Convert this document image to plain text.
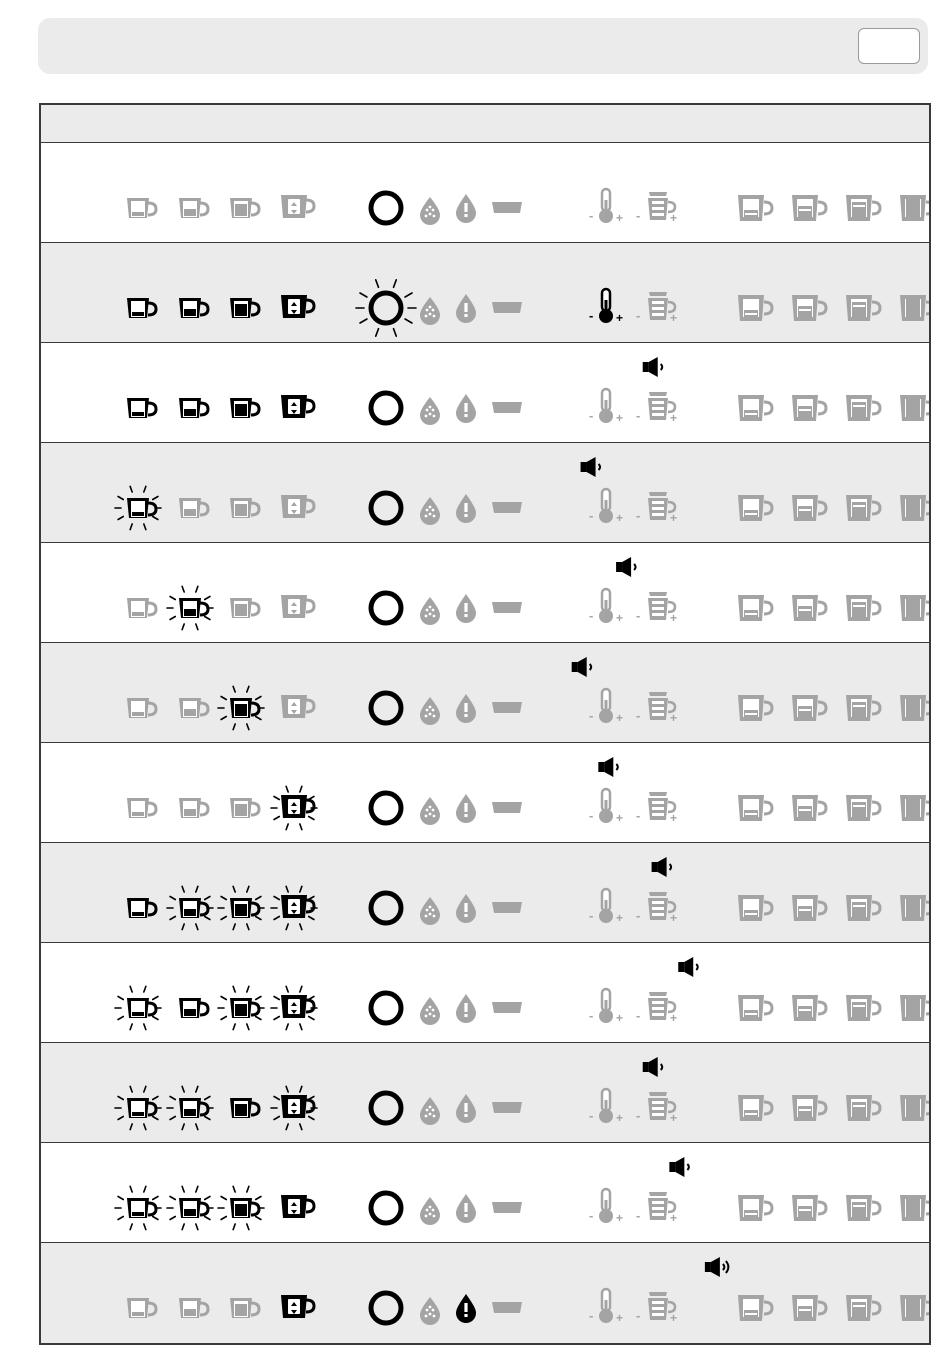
- + - +
- + - +
- + - +
- + - +
- + - +
- + - +
- + - +
- + - +
- + - +
- + - +
- + - +
- + - +
